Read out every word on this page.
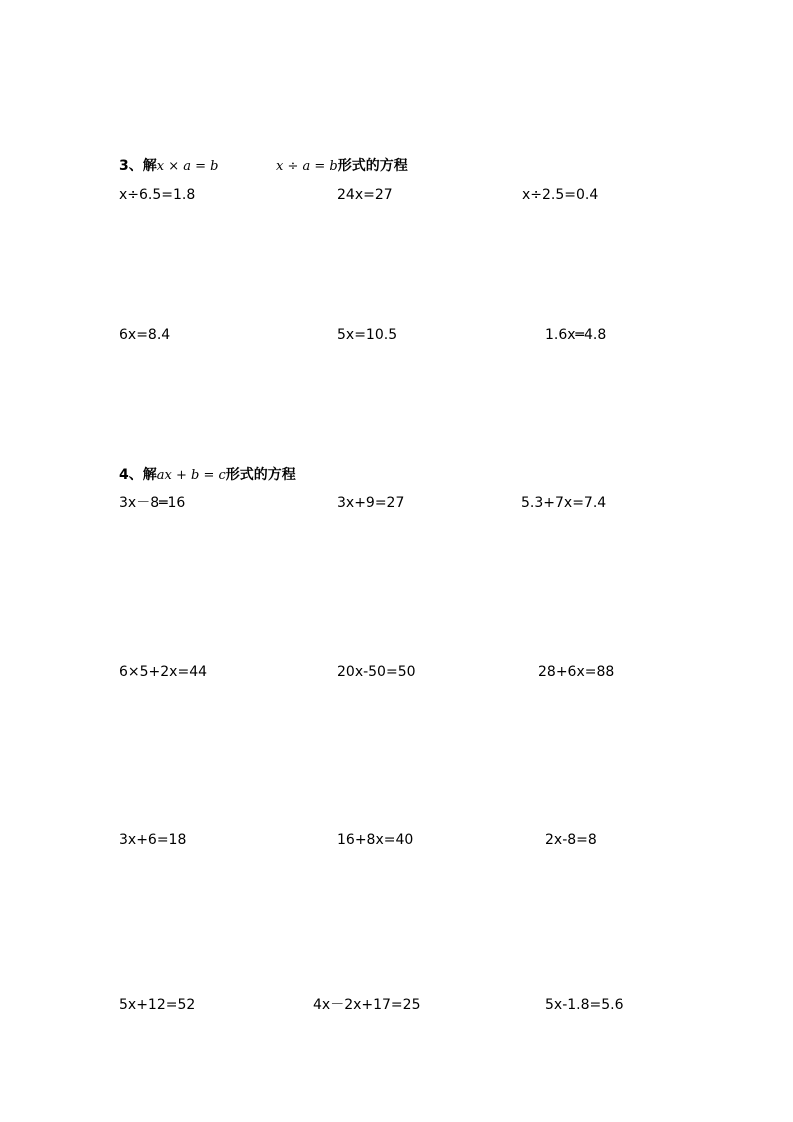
3、解x × a = b	x ÷ a = b形式的方程
x÷6.5=1.8	24x=27	x÷2.5=0.4
6x=8.4	5x=10.5	1.6x═4.8
4、解ax + b = c形式的方程
3x－8═16	3x+9=27	5.3+7x=7.4
6×5+2x=44	20x-50=50	28+6x=88
3x+6=18	16+8x=40	2x-8=8
5x+12=52	4x－2x+17=25	5x-1.8=5.6
